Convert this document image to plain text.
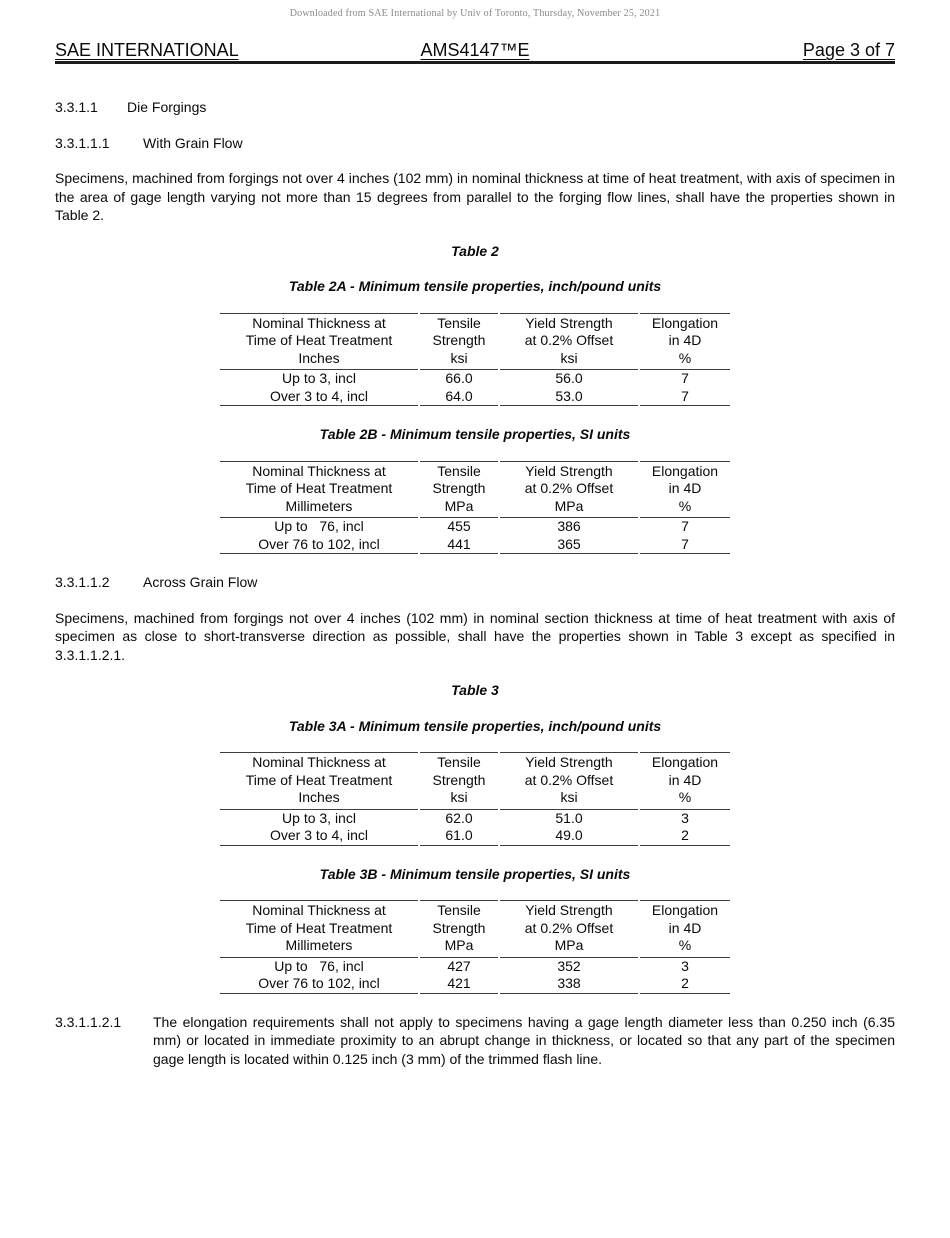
Downloaded from SAE International by Univ of Toronto, Thursday, November 25, 2021
SAE INTERNATIONAL	AMS4147™E	Page 3 of 7
3.3.1.1 Die Forgings
3.3.1.1.1 With Grain Flow

Specimens, machined from forgings not over 4 inches (102 mm) in nominal thickness at time of heat treatment, with axis of specimen in the area of gage length varying not more than 15 degrees from parallel to the forging flow lines, shall have the properties shown in Table 2.

Table 2
Table 2A - Minimum tensile properties, inch/pound units
Nominal Thickness at
Time of Heat Treatment
Inches

Tensile
Strength
ksi

Yield Strength
at 0.2% Offset
ksi

Elongation
in 4D
%

Up to 3, incl	66.0	56.0	7
Over 3 to 4, incl	64.0	53.0	7
Table 2B - Minimum tensile properties, SI units
Nominal Thickness at
Time of Heat Treatment
Millimeters

Tensile
Strength
MPa

Yield Strength
at 0.2% Offset
MPa

Elongation
in 4D
%

Up to   76, incl	455	386	7
Over 76 to 102, incl	441	365	7
3.3.1.1.2 Across Grain Flow

Specimens, machined from forgings not over 4 inches (102 mm) in nominal section thickness at time of heat treatment with axis of specimen as close to short-transverse direction as possible, shall have the properties shown in Table 3 except as specified in 3.3.1.1.2.1.

Table 3
Table 3A - Minimum tensile properties, inch/pound units
Nominal Thickness at
Time of Heat Treatment
Inches

Tensile
Strength
ksi

Yield Strength
at 0.2% Offset
ksi

Elongation
in 4D
%

Up to 3, incl	62.0	51.0	3
Over 3 to 4, incl	61.0	49.0	2
Table 3B - Minimum tensile properties, SI units
Nominal Thickness at
Time of Heat Treatment
Millimeters

Tensile
Strength
MPa

Yield Strength
at 0.2% Offset
MPa

Elongation
in 4D
%

Up to   76, incl	427	352	3
Over 76 to 102, incl	421	338	2

3.3.1.1.2.1 The elongation requirements shall not apply to specimens having a gage length diameter less than 0.250 inch (6.35 mm) or located in immediate proximity to an abrupt change in thickness, or located so that any part of the specimen gage length is located within 0.125 inch (3 mm) of the trimmed flash line.
